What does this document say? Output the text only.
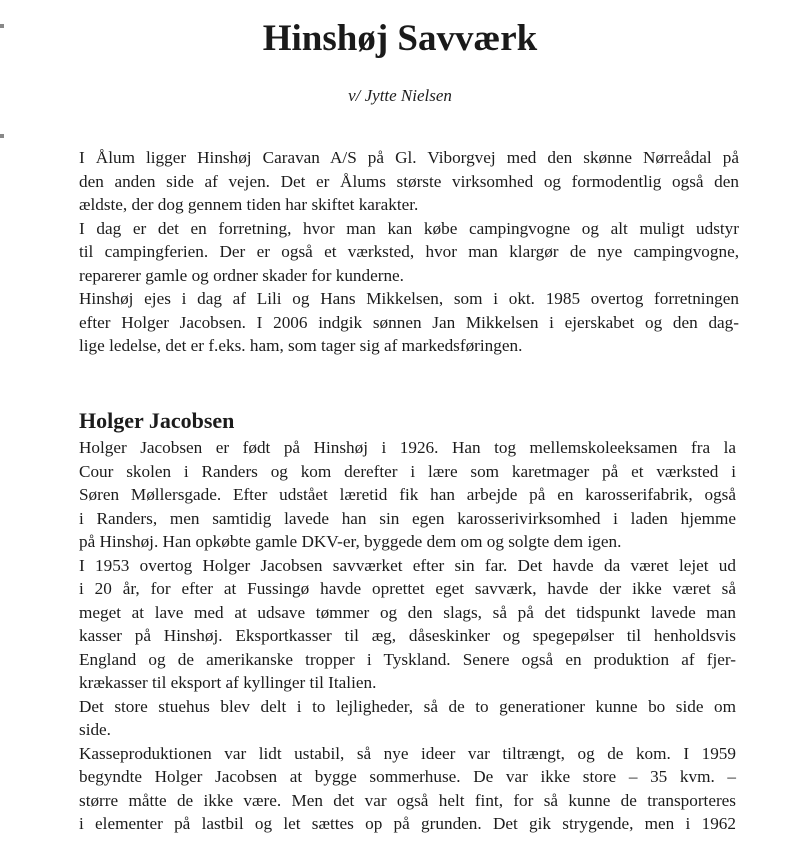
Hinshøj Savværk

v/ Jytte Nielsen

I Ålum ligger Hinshøj Caravan A/S på Gl. Viborgvej med den skønne Nørreådal på
den anden side af vejen. Det er Ålums største virksomhed og formodentlig også den
ældste, der dog gennem tiden har skiftet karakter.
I dag er det en forretning, hvor man kan købe campingvogne og alt muligt udstyr
til campingferien. Der er også et værksted, hvor man klargør de nye campingvogne,
reparerer gamle og ordner skader for kunderne.
Hinshøj ejes i dag af Lili og Hans Mikkelsen, som i okt. 1985 overtog forretningen
efter Holger Jacobsen. I 2006 indgik sønnen Jan Mikkelsen i ejerskabet og den dag-
lige ledelse, det er f.eks. ham, som tager sig af markedsføringen.
Holger Jacobsen
Holger Jacobsen er født på Hinshøj i 1926. Han tog mellemskoleeksamen fra la
Cour skolen i Randers og kom derefter i lære som karetmager på et værksted i
Søren Møllersgade. Efter udstået læretid fik han arbejde på en karosserifabrik, også
i Randers, men samtidig lavede han sin egen karosserivirksomhed i laden hjemme
på Hinshøj. Han opkøbte gamle DKV-er, byggede dem om og solgte dem igen.
I 1953 overtog Holger Jacobsen savværket efter sin far. Det havde da været lejet ud
i 20 år, for efter at Fussingø havde oprettet eget savværk, havde der ikke været så
meget at lave med at udsave tømmer og den slags, så på det tidspunkt lavede man
kasser på Hinshøj. Eksportkasser til æg, dåseskinker og spegepølser til henholdsvis
England og de amerikanske tropper i Tyskland. Senere også en produktion af fjer-
krækasser til eksport af kyllinger til Italien.
Det store stuehus blev delt i to lejligheder, så de to generationer kunne bo side om
side.
Kasseproduktionen var lidt ustabil, så nye ideer var tiltrængt, og de kom. I 1959
begyndte Holger Jacobsen at bygge sommerhuse. De var ikke store – 35 kvm. –
større måtte de ikke være. Men det var også helt fint, for så kunne de transporteres
i elementer på lastbil og let sættes op på grunden. Det gik strygende, men i 1962
